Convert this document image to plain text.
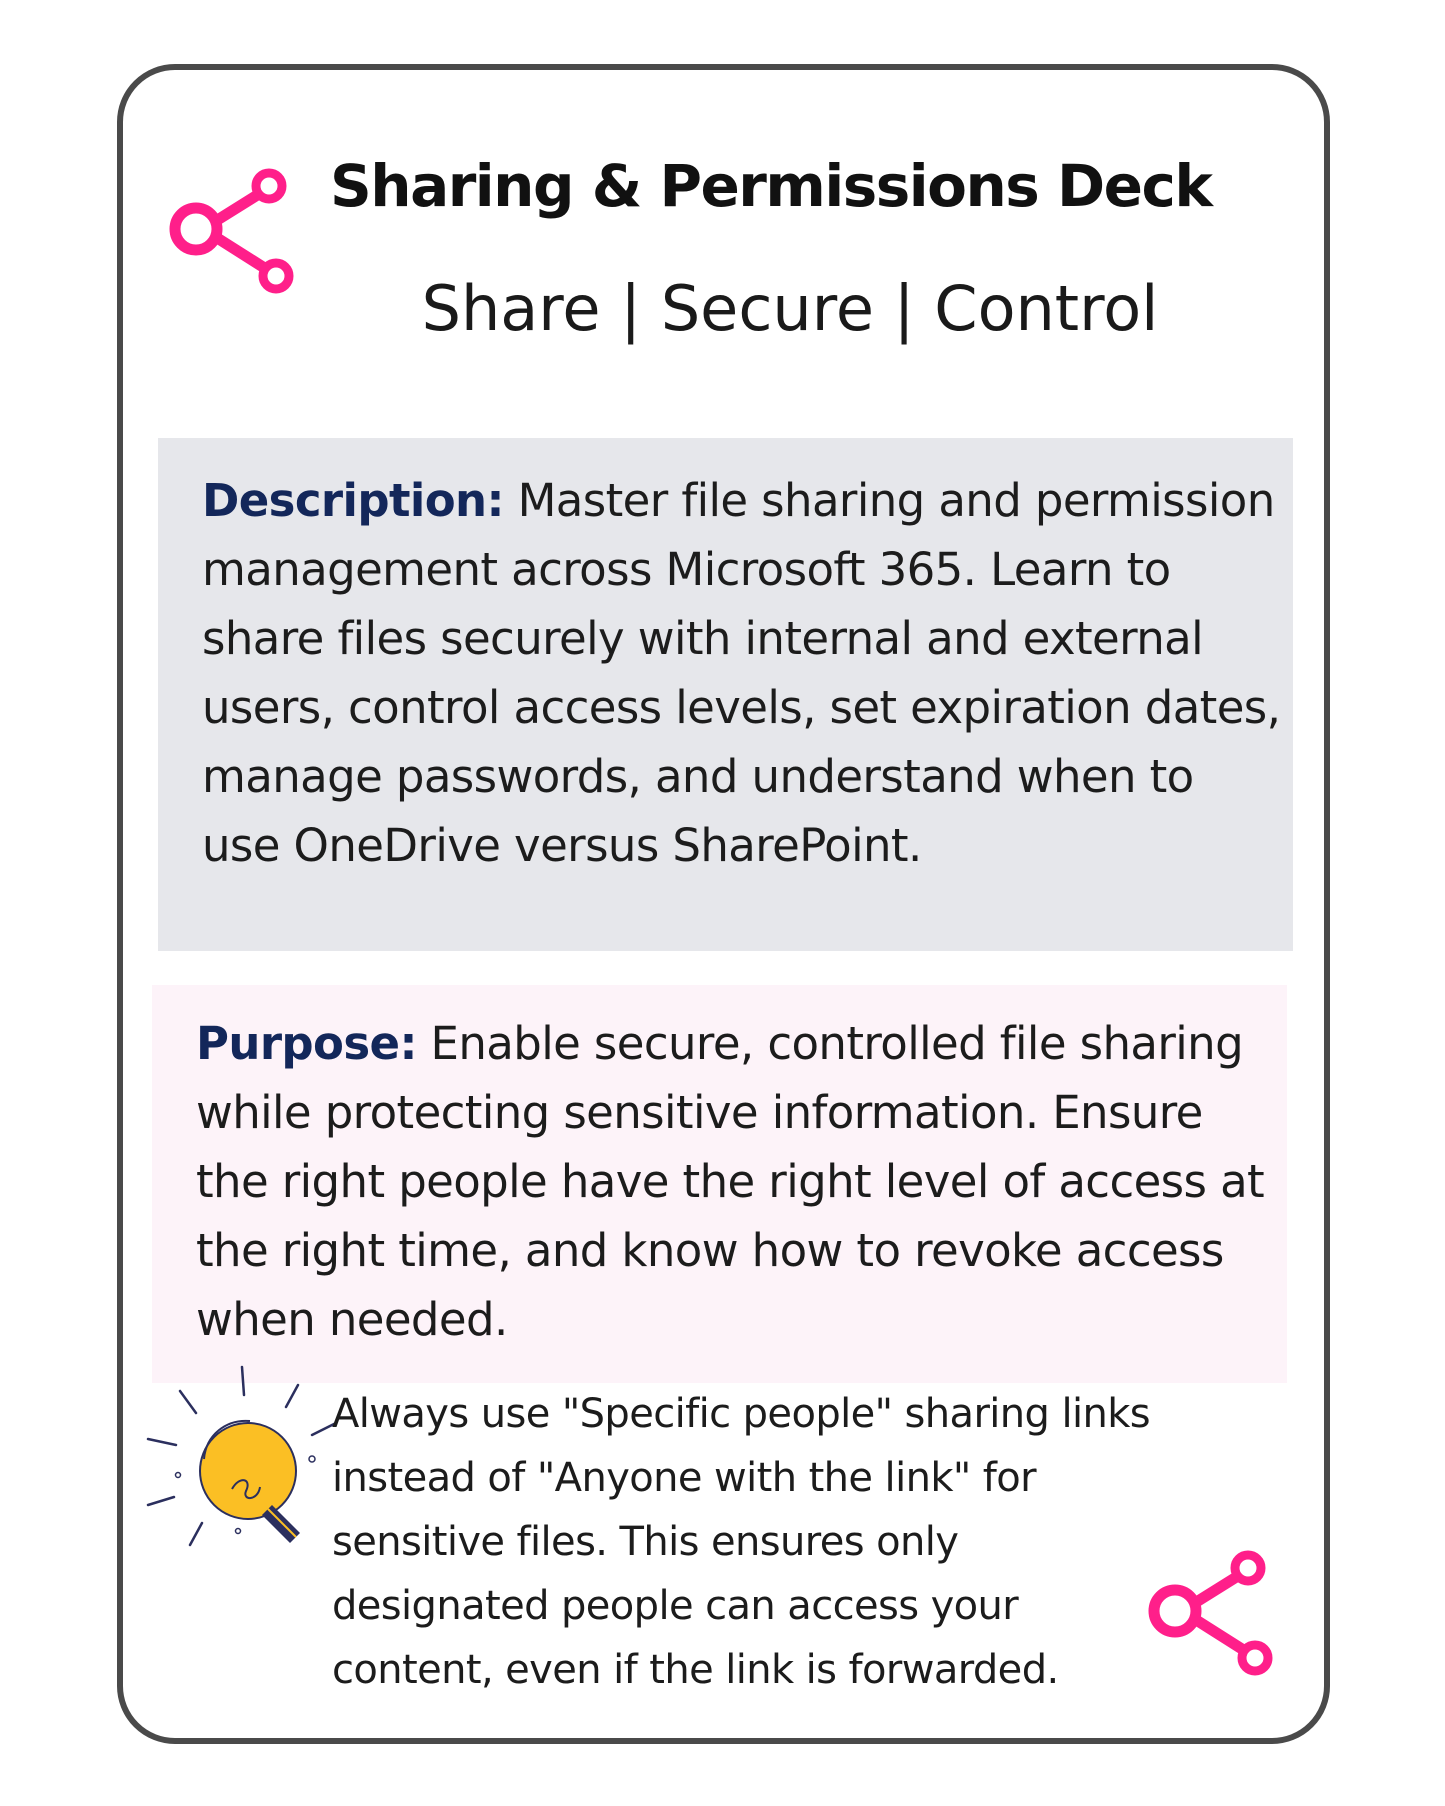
Sharing & Permissions Deck
Share | Secure | Control
Description: Master file sharing and permission management across Microsoft 365. Learn to share files securely with internal and external users, control access levels, set expiration dates, manage passwords, and understand when to use OneDrive versus SharePoint.
Purpose: Enable secure, controlled file sharing while protecting sensitive information. Ensure the right people have the right level of access at the right time, and know how to revoke access when needed.
Always use "Specific people" sharing links instead of "Anyone with the link" for sensitive files. This ensures only designated people can access your content, even if the link is forwarded.
